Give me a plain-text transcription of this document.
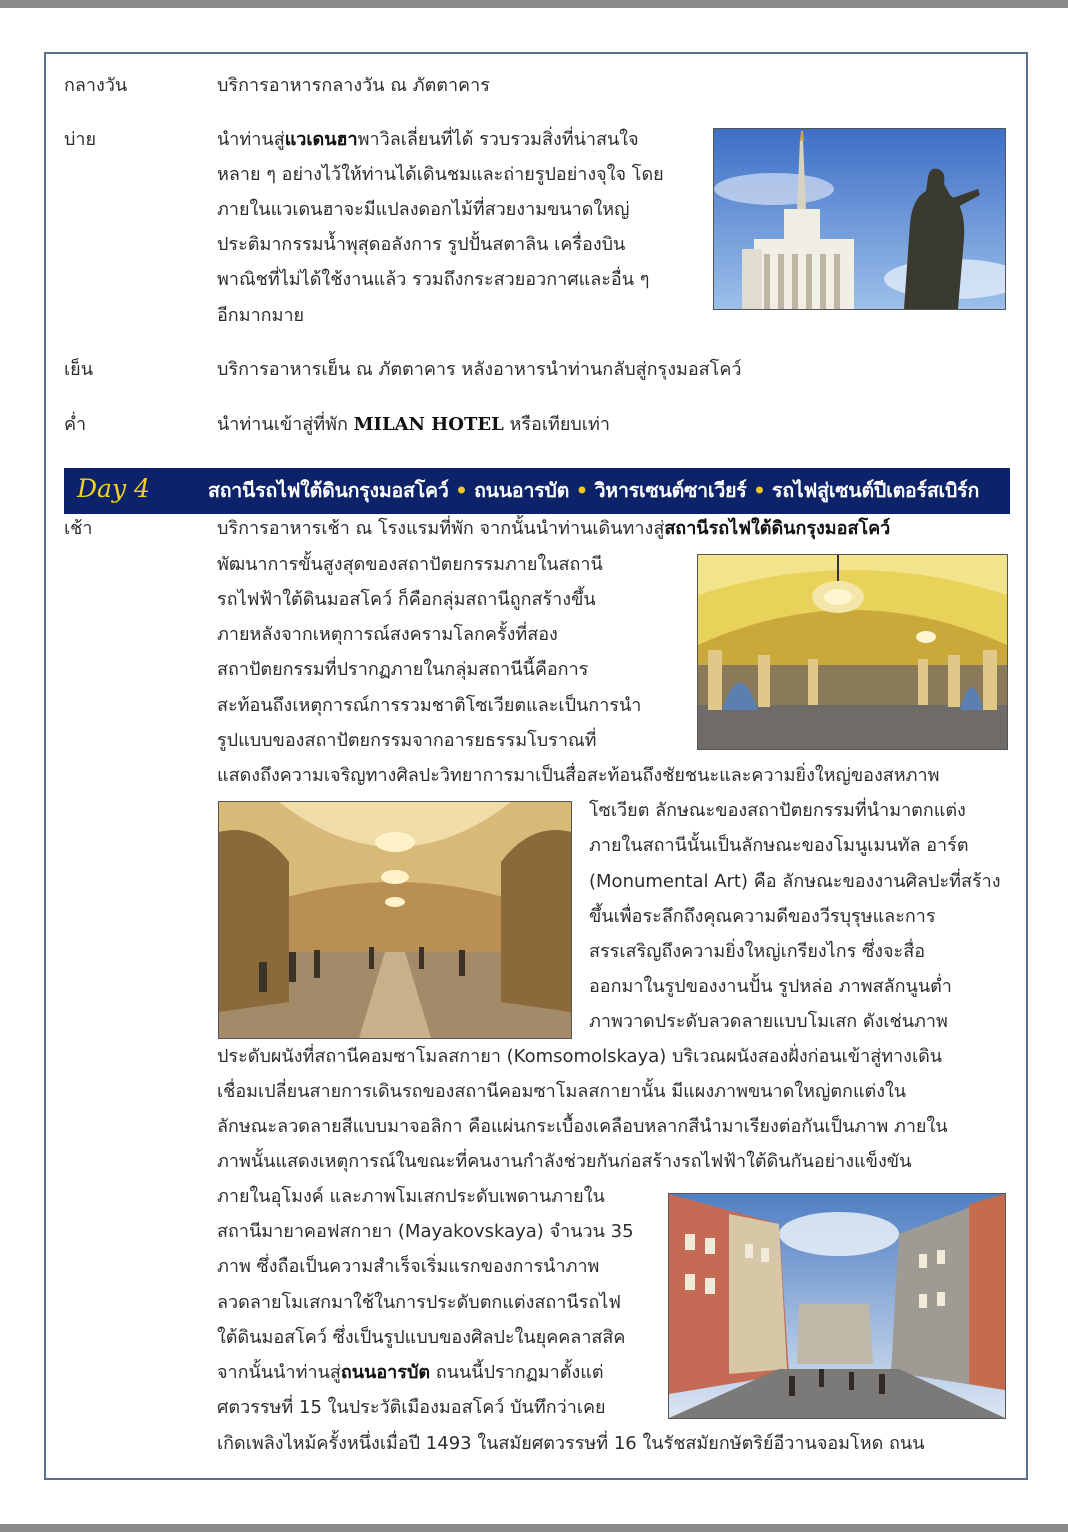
กลางวัน	บริการอาหารกลางวัน ณ ภัตตาคาร
บ่าย	นำท่านสู่แวเดนฮาพาวิลเลี่ยนที่ได้ รวบรวมสิ่งที่น่าสนใจ
หลาย ๆ อย่างไว้ให้ท่านได้เดินชมและถ่ายรูปอย่างจุใจ โดย
ภายในแวเดนฮาจะมีแปลงดอกไม้ที่สวยงามขนาดใหญ่
ประติมากรรมน้ำพุสุดอลังการ รูปปั้นสตาลิน เครื่องบิน
พาณิชที่ไม่ได้ใช้งานแล้ว รวมถึงกระสวยอวกาศและอื่น ๆ
อีกมากมาย
เย็น	บริการอาหารเย็น ณ ภัตตาคาร หลังอาหารนำท่านกลับสู่กรุงมอสโคว์
ค่ำ	นำท่านเข้าสู่ที่พัก MILAN HOTEL หรือเทียบเท่า
Day 4	สถานีรถไฟใต้ดินกรุงมอสโคว์ • ถนนอารบัต • วิหารเซนต์ซาเวียร์ • รถไฟสู่เซนต์ปีเตอร์สเบิร์ก
เช้า	บริการอาหารเช้า ณ โรงแรมที่พัก จากนั้นนำท่านเดินทางสู่สถานีรถไฟใต้ดินกรุงมอสโคว์
พัฒนาการขั้นสูงสุดของสถาปัตยกรรมภายในสถานี
รถไฟฟ้าใต้ดินมอสโคว์ ก็คือกลุ่มสถานีถูกสร้างขึ้น
ภายหลังจากเหตุการณ์สงครามโลกครั้งที่สอง
สถาปัตยกรรมที่ปรากฏภายในกลุ่มสถานีนี้คือการ
สะท้อนถึงเหตุการณ์การรวมชาติโซเวียตและเป็นการนำ
รูปแบบของสถาปัตยกรรมจากอารยธรรมโบราณที่
แสดงถึงความเจริญทางศิลปะวิทยาการมาเป็นสื่อสะท้อนถึงชัยชนะและความยิ่งใหญ่ของสหภาพ
โซเวียต ลักษณะของสถาปัตยกรรมที่นำมาตกแต่ง
ภายในสถานีนั้นเป็นลักษณะของโมนูเมนทัล อาร์ต
(Monumental Art) คือ ลักษณะของงานศิลปะที่สร้าง
ขึ้นเพื่อระลึกถึงคุณความดีของวีรบุรุษและการ
สรรเสริญถึงความยิ่งใหญ่เกรียงไกร ซึ่งจะสื่อ
ออกมาในรูปของงานปั้น รูปหล่อ ภาพสลักนูนต่ำ
ภาพวาดประดับลวดลายแบบโมเสก ดังเช่นภาพ
ประดับผนังที่สถานีคอมซาโมลสกายา (Komsomolskaya) บริเวณผนังสองฝั่งก่อนเข้าสู่ทางเดิน
เชื่อมเปลี่ยนสายการเดินรถของสถานีคอมซาโมลสกายานั้น มีแผงภาพขนาดใหญ่ตกแต่งใน
ลักษณะลวดลายสีแบบมาจอลิกา คือแผ่นกระเบื้องเคลือบหลากสีนำมาเรียงต่อกันเป็นภาพ ภายใน
ภาพนั้นแสดงเหตุการณ์ในขณะที่คนงานกำลังช่วยกันก่อสร้างรถไฟฟ้าใต้ดินกันอย่างแข็งขัน
ภายในอุโมงค์ และภาพโมเสกประดับเพดานภายใน
สถานีมายาคอฟสกายา (Mayakovskaya) จำนวน 35
ภาพ ซึ่งถือเป็นความสำเร็จเริ่มแรกของการนำภาพ
ลวดลายโมเสกมาใช้ในการประดับตกแต่งสถานีรถไฟ
ใต้ดินมอสโคว์ ซึ่งเป็นรูปแบบของศิลปะในยุคคลาสสิค
จากนั้นนำท่านสู่ถนนอารบัต ถนนนี้ปรากฏมาตั้งแต่
ศตวรรษที่ 15 ในประวัติเมืองมอสโคว์ บันทึกว่าเคย
เกิดเพลิงไหม้ครั้งหนึ่งเมื่อปี 1493 ในสมัยศตวรรษที่ 16 ในรัชสมัยกษัตริย์อีวานจอมโหด ถนน
